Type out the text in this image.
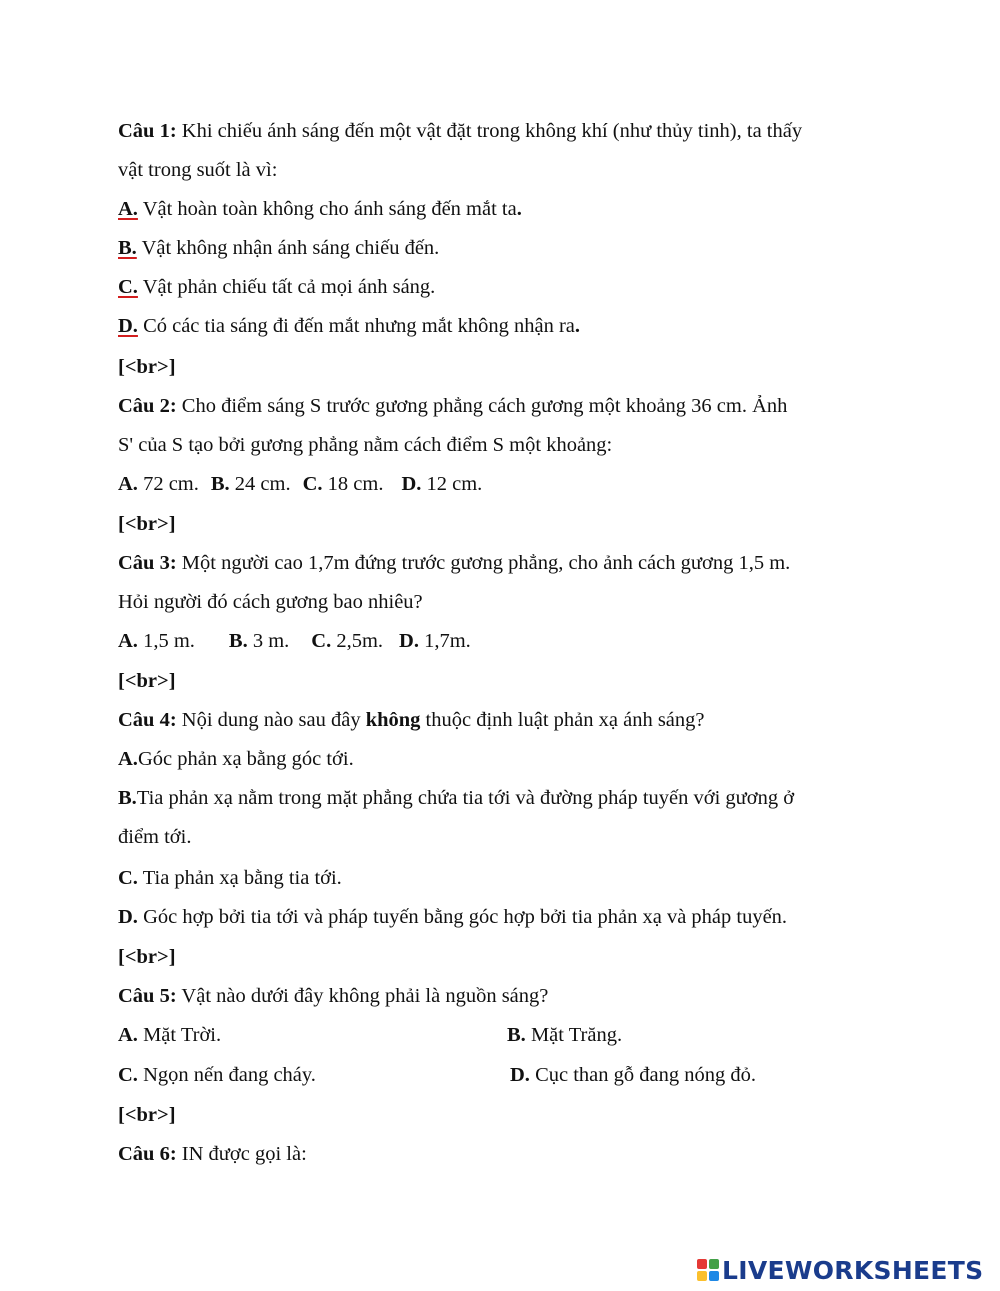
Câu 1: Khi chiếu ánh sáng đến một vật đặt trong không khí (như thủy tinh), ta thấy
vật trong suốt là vì:
A. Vật hoàn toàn không cho ánh sáng đến mắt ta.
B. Vật không nhận ánh sáng chiếu đến.
C. Vật phản chiếu tất cả mọi ánh sáng.
D. Có các tia sáng đi đến mắt nhưng mắt không nhận ra.
[<br>]
Câu 2: Cho điểm sáng S trước gương phẳng cách gương một khoảng 36 cm. Ảnh
S' của S tạo bởi gương phẳng nằm cách điểm S một khoảng:
A. 72 cm. B. 24 cm. C. 18 cm. D. 12 cm.
[<br>]
Câu 3: Một người cao 1,7m đứng trước gương phẳng, cho ảnh cách gương 1,5 m.
Hỏi người đó cách gương bao nhiêu?
A. 1,5 m. B. 3 m. C. 2,5m. D. 1,7m.
[<br>]
Câu 4: Nội dung nào sau đây không thuộc định luật phản xạ ánh sáng?
A.Góc phản xạ bằng góc tới.
B.Tia phản xạ nằm trong mặt phẳng chứa tia tới và đường pháp tuyến với gương ở
điểm tới.
C. Tia phản xạ bằng tia tới.
D. Góc hợp bởi tia tới và pháp tuyến bằng góc hợp bởi tia phản xạ và pháp tuyến.
[<br>]
Câu 5: Vật nào dưới đây không phải là nguồn sáng?
A. Mặt Trời.	B. Mặt Trăng.
C. Ngọn nến đang cháy.	D. Cục than gỗ đang nóng đỏ.
[<br>]
Câu 6: IN được gọi là:
LIVEWORKSHEETS
